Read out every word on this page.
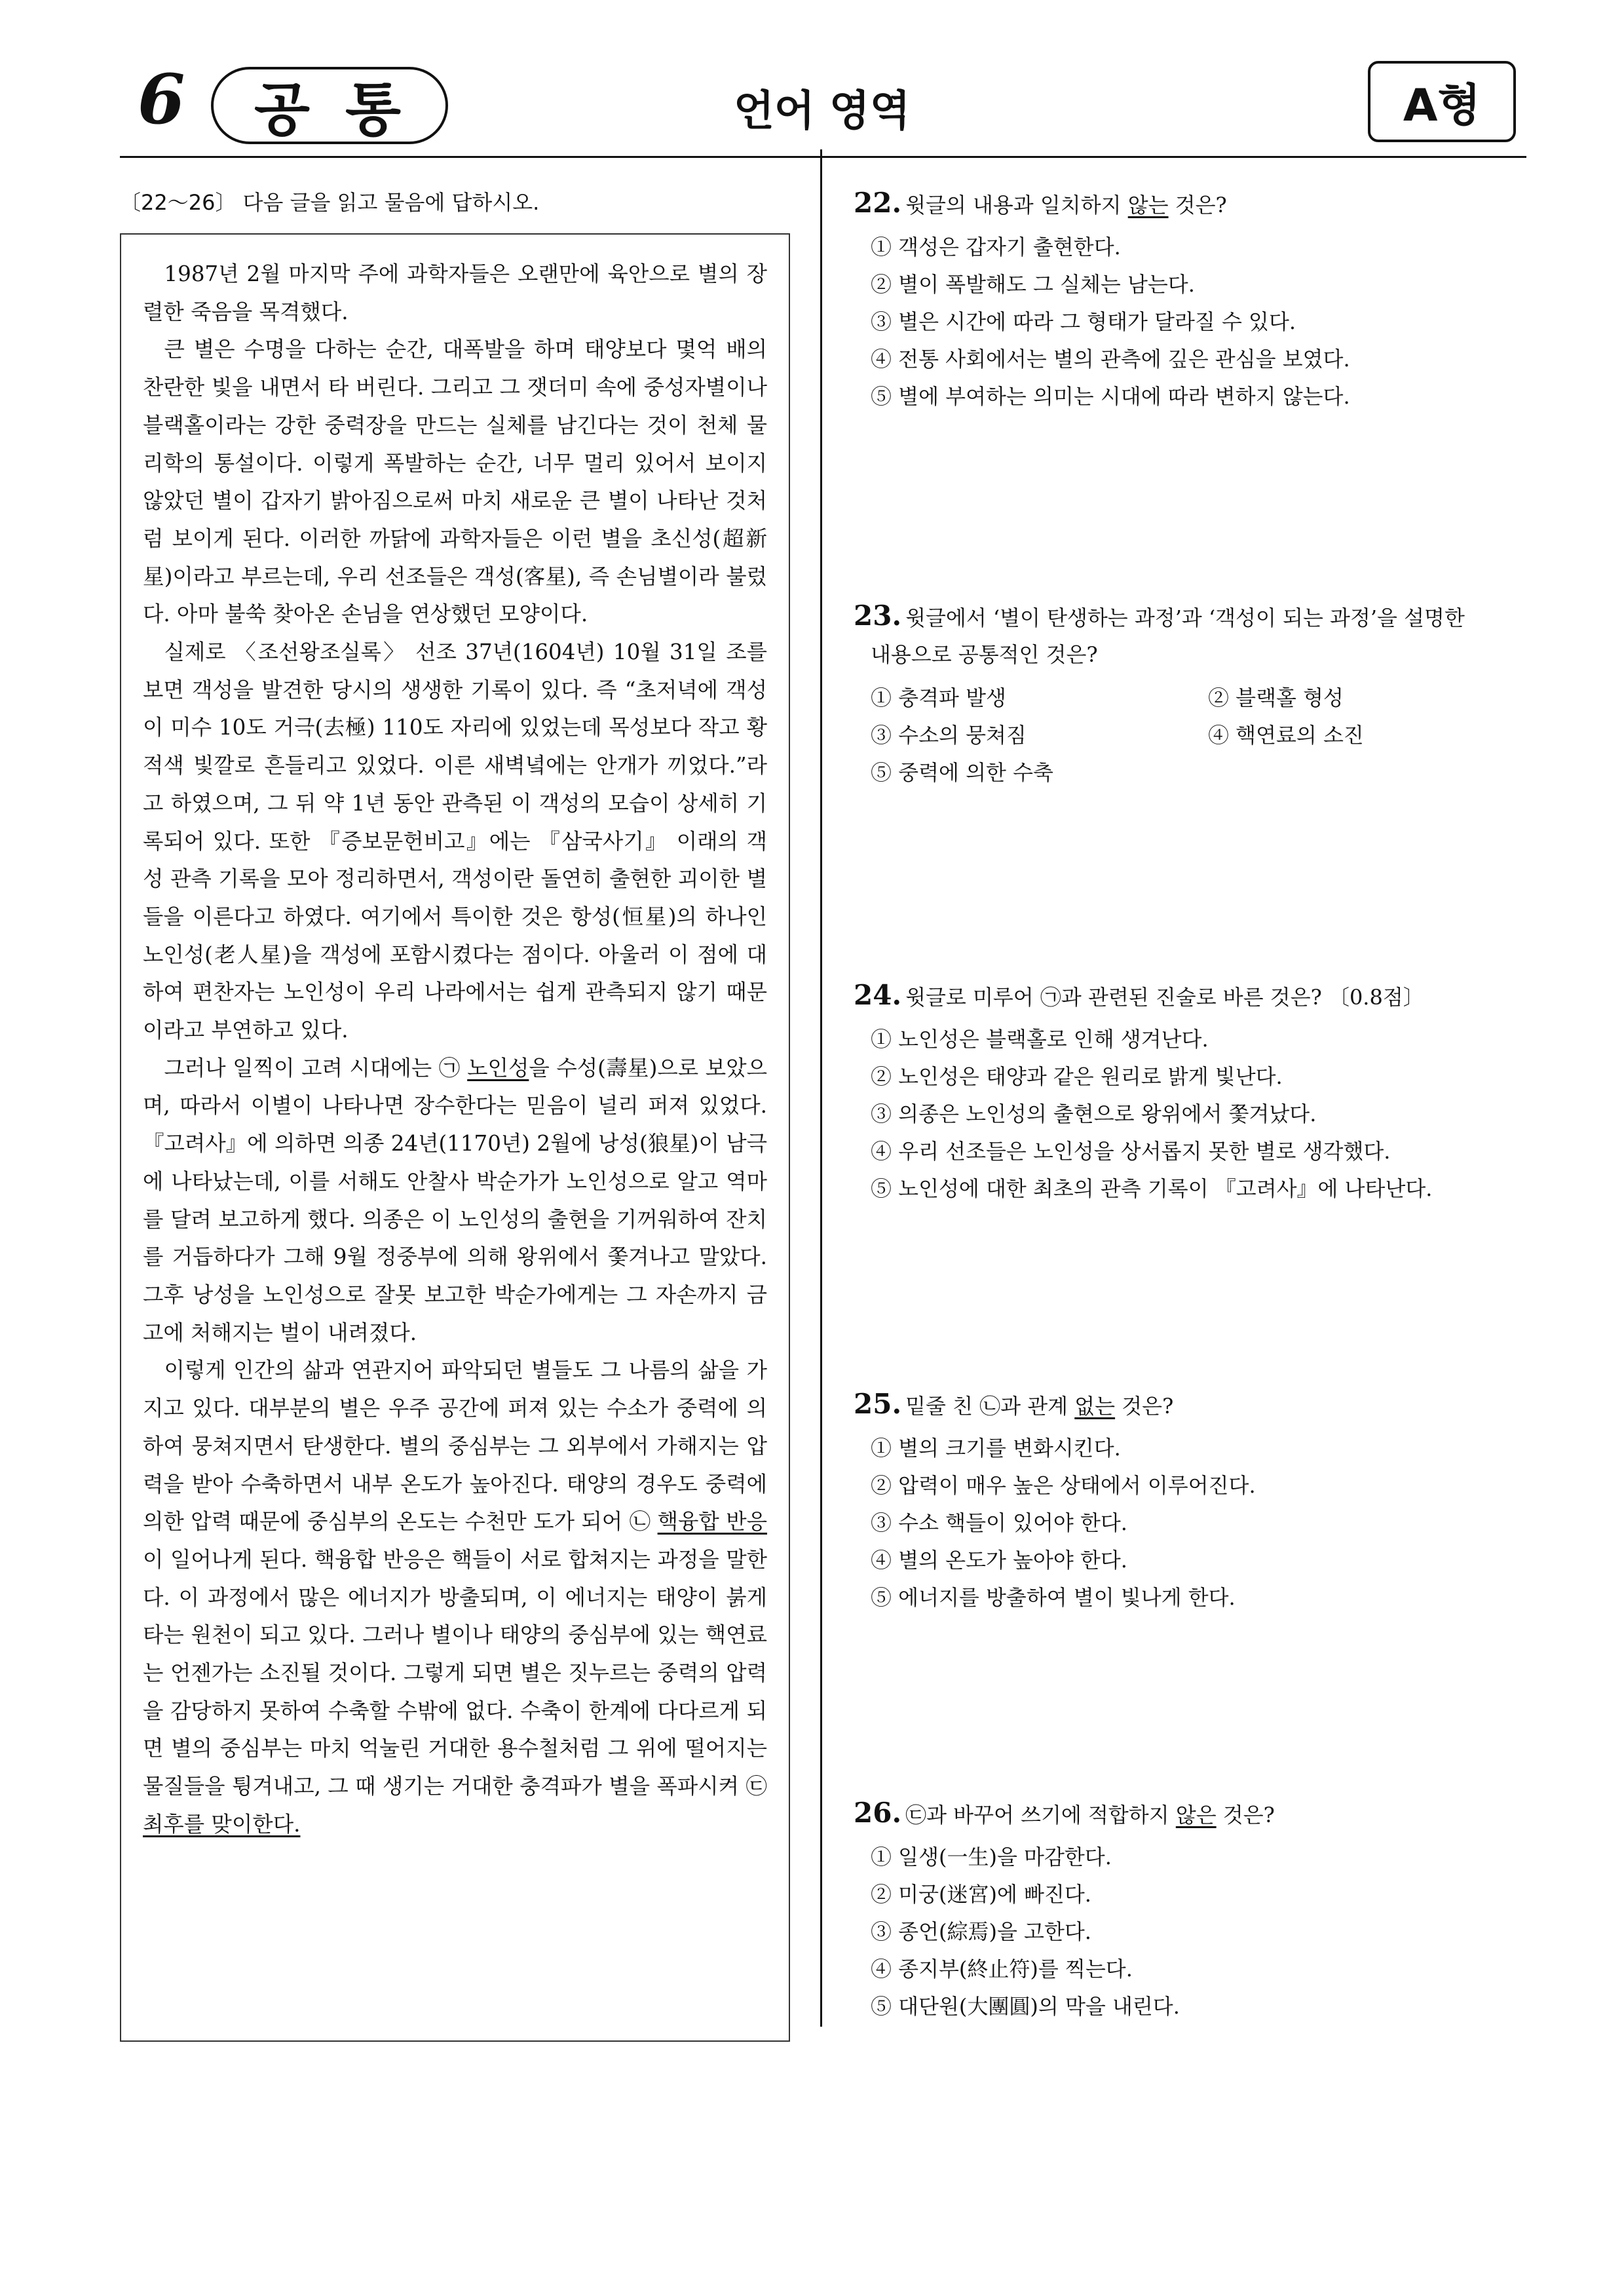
6 공 통	언어 영역	A형
〔22～26〕 다음 글을 읽고 물음에 답하시오.

1987년 2월 마지막 주에 과학자들은 오랜만에 육안으로 별의 장렬한 죽음을 목격했다.

큰 별은 수명을 다하는 순간, 대폭발을 하며 태양보다 몇억 배의 찬란한 빛을 내면서 타 버린다. 그리고 그 잿더미 속에 중성자별이나 블랙홀이라는 강한 중력장을 만드는 실체를 남긴다는 것이 천체 물리학의 통설이다. 이렇게 폭발하는 순간, 너무 멀리 있어서 보이지 않았던 별이 갑자기 밝아짐으로써 마치 새로운 큰 별이 나타난 것처럼 보이게 된다. 이러한 까닭에 과학자들은 이런 별을 초신성(超新星)이라고 부르는데, 우리 선조들은 객성(客星), 즉 손님별이라 불렀다. 아마 불쑥 찾아온 손님을 연상했던 모양이다.

실제로 〈조선왕조실록〉 선조 37년(1604년) 10월 31일 조를 보면 객성을 발견한 당시의 생생한 기록이 있다. 즉 “초저녁에 객성이 미수 10도 거극(去極) 110도 자리에 있었는데 목성보다 작고 황적색 빛깔로 흔들리고 있었다. 이른 새벽녘에는 안개가 끼었다.”라고 하였으며, 그 뒤 약 1년 동안 관측된 이 객성의 모습이 상세히 기록되어 있다. 또한 『증보문헌비고』에는 『삼국사기』 이래의 객성 관측 기록을 모아 정리하면서, 객성이란 돌연히 출현한 괴이한 별들을 이른다고 하였다. 여기에서 특이한 것은 항성(恒星)의 하나인 노인성(老人星)을 객성에 포함시켰다는 점이다. 아울러 이 점에 대하여 편찬자는 노인성이 우리 나라에서는 쉽게 관측되지 않기 때문이라고 부연하고 있다.

그러나 일찍이 고려 시대에는 ㉠ 노인성을 수성(壽星)으로 보았으며, 따라서 이별이 나타나면 장수한다는 믿음이 널리 퍼져 있었다. 『고려사』에 의하면 의종 24년(1170년) 2월에 낭성(狼星)이 남극에 나타났는데, 이를 서해도 안찰사 박순가가 노인성으로 알고 역마를 달려 보고하게 했다. 의종은 이 노인성의 출현을 기꺼워하여 잔치를 거듭하다가 그해 9월 정중부에 의해 왕위에서 쫓겨나고 말았다. 그후 낭성을 노인성으로 잘못 보고한 박순가에게는 그 자손까지 금고에 처해지는 벌이 내려졌다.

이렇게 인간의 삶과 연관지어 파악되던 별들도 그 나름의 삶을 가지고 있다. 대부분의 별은 우주 공간에 퍼져 있는 수소가 중력에 의하여 뭉쳐지면서 탄생한다. 별의 중심부는 그 외부에서 가해지는 압력을 받아 수축하면서 내부 온도가 높아진다. 태양의 경우도 중력에 의한 압력 때문에 중심부의 온도는 수천만 도가 되어 ㉡ 핵융합 반응이 일어나게 된다. 핵융합 반응은 핵들이 서로 합쳐지는 과정을 말한다. 이 과정에서 많은 에너지가 방출되며, 이 에너지는 태양이 붉게 타는 원천이 되고 있다. 그러나 별이나 태양의 중심부에 있는 핵연료는 언젠가는 소진될 것이다. 그렇게 되면 별은 짓누르는 중력의 압력을 감당하지 못하여 수축할 수밖에 없다. 수축이 한계에 다다르게 되면 별의 중심부는 마치 억눌린 거대한 용수철처럼 그 위에 떨어지는 물질들을 튕겨내고, 그 때 생기는 거대한 충격파가 별을 폭파시켜 ㉢ 최후를 맞이한다.

22. 윗글의 내용과 일치하지 않는 것은?
① 객성은 갑자기 출현한다.
② 별이 폭발해도 그 실체는 남는다.
③ 별은 시간에 따라 그 형태가 달라질 수 있다.
④ 전통 사회에서는 별의 관측에 깊은 관심을 보였다.
⑤ 별에 부여하는 의미는 시대에 따라 변하지 않는다.
23. 윗글에서 ‘별이 탄생하는 과정’과 ‘객성이 되는 과정’을 설명한
내용으로 공통적인 것은?
① 충격파 발생	② 블랙홀 형성
③ 수소의 뭉쳐짐	④ 핵연료의 소진
⑤ 중력에 의한 수축
24. 윗글로 미루어 ㉠과 관련된 진술로 바른 것은? 〔0.8점〕
① 노인성은 블랙홀로 인해 생겨난다.
② 노인성은 태양과 같은 원리로 밝게 빛난다.
③ 의종은 노인성의 출현으로 왕위에서 쫓겨났다.
④ 우리 선조들은 노인성을 상서롭지 못한 별로 생각했다.
⑤ 노인성에 대한 최초의 관측 기록이 『고려사』에 나타난다.
25. 밑줄 친 ㉡과 관계 없는 것은?
① 별의 크기를 변화시킨다.
② 압력이 매우 높은 상태에서 이루어진다.
③ 수소 핵들이 있어야 한다.
④ 별의 온도가 높아야 한다.
⑤ 에너지를 방출하여 별이 빛나게 한다.
26. ㉢과 바꾸어 쓰기에 적합하지 않은 것은?
① 일생(一生)을 마감한다.
② 미궁(迷宮)에 빠진다.
③ 종언(綜焉)을 고한다.
④ 종지부(終止符)를 찍는다.
⑤ 대단원(大團圓)의 막을 내린다.
